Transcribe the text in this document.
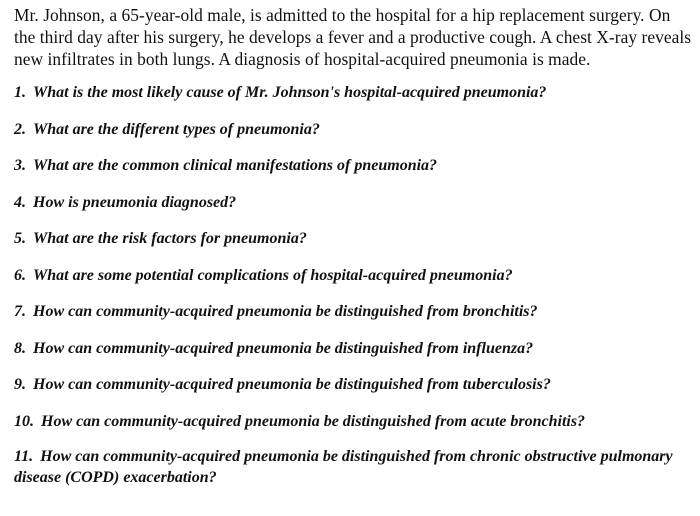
Mr. Johnson, a 65-year-old male, is admitted to the hospital for a hip replacement surgery. On the third day after his surgery, he develops a fever and a productive cough. A chest X-ray reveals new infiltrates in both lungs. A diagnosis of hospital-acquired pneumonia is made.

1. What is the most likely cause of Mr. Johnson's hospital-acquired pneumonia?
2. What are the different types of pneumonia?
3. What are the common clinical manifestations of pneumonia?
4. How is pneumonia diagnosed?
5. What are the risk factors for pneumonia?
6. What are some potential complications of hospital-acquired pneumonia?
7. How can community-acquired pneumonia be distinguished from bronchitis?
8. How can community-acquired pneumonia be distinguished from influenza?
9. How can community-acquired pneumonia be distinguished from tuberculosis?
10. How can community-acquired pneumonia be distinguished from acute bronchitis?
11. How can community-acquired pneumonia be distinguished from chronic obstructive pulmonary disease (COPD) exacerbation?
